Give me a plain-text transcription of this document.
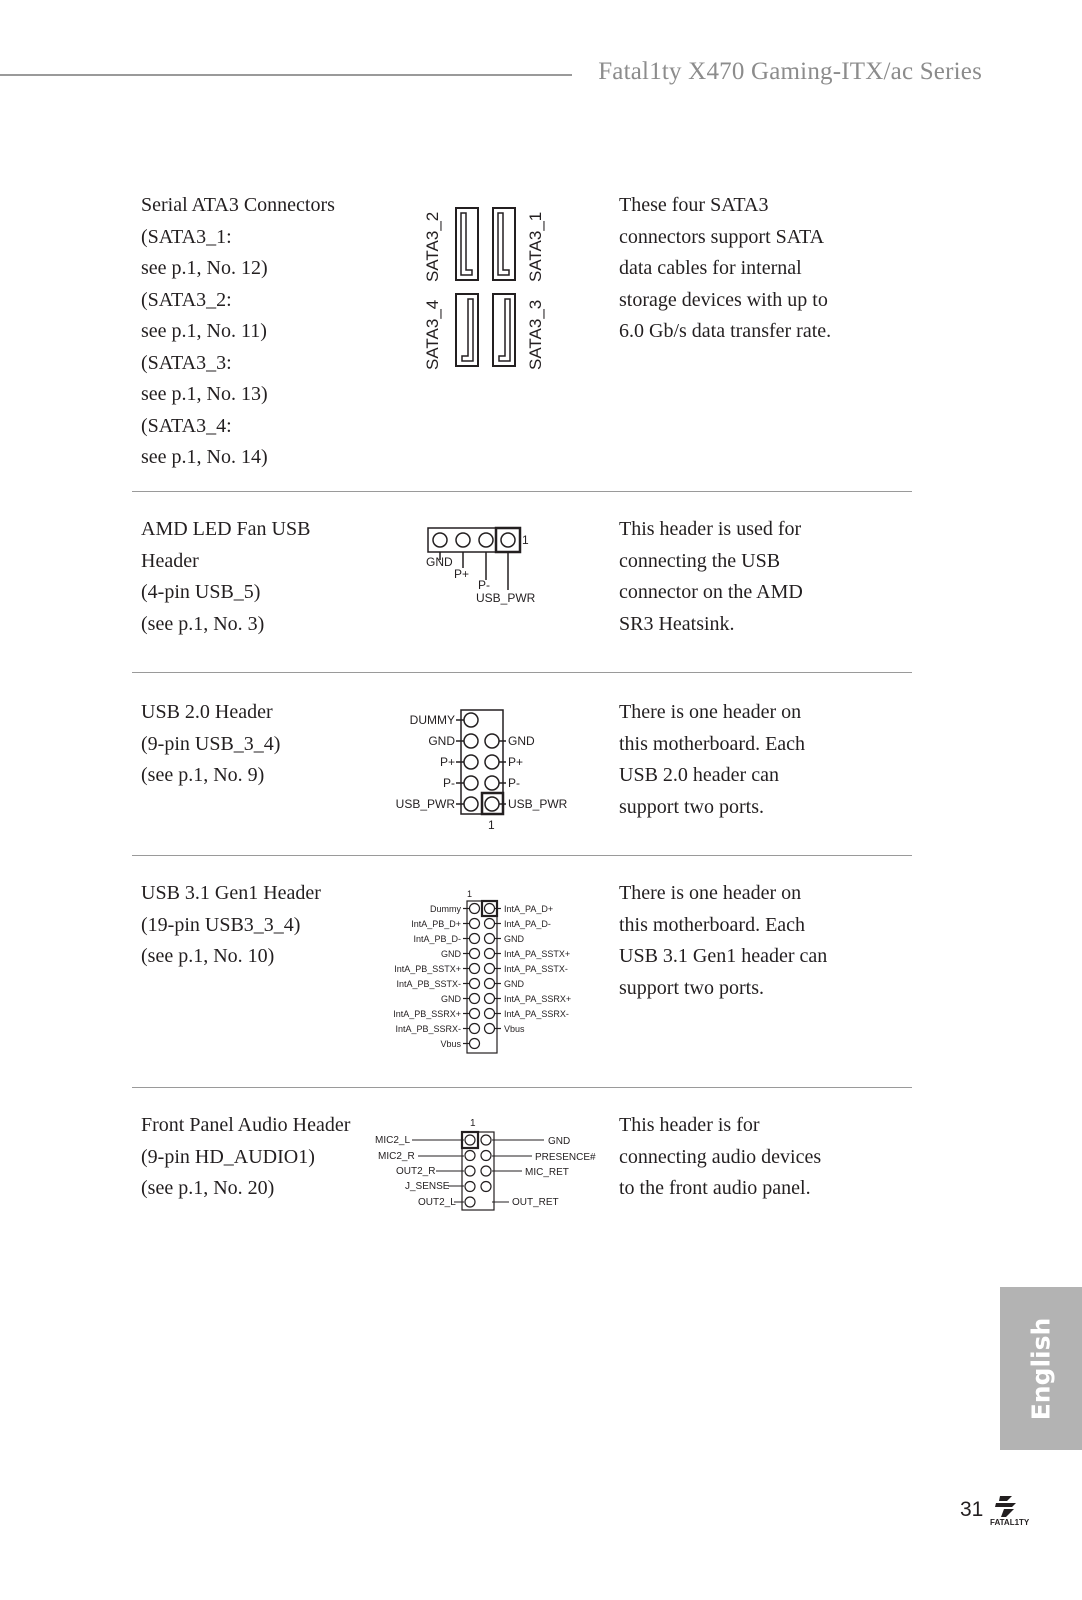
Fatal1ty X470 Gaming-ITX/ac Series
Serial ATA3 Connectors
(SATA3_1:
see p.1, No. 12)
(SATA3_2:
see p.1, No. 11)
(SATA3_3:
see p.1, No. 13)
(SATA3_4:
see p.1, No. 14)
These four SATA3
connectors support SATA
data cables for internal
storage devices with up to
6.0 Gb/s data transfer rate.
SATA3_2	SATA3_1
SATA3_4	SATA3_3
AMD LED Fan USB
Header
(4-pin USB_5)
(see p.1, No. 3)
This header is used for
connecting the USB
connector on the AMD
SR3 Heatsink.
1
GND
P+
P-
USB_PWR
USB 2.0 Header
(9-pin USB_3_4)
(see p.1, No. 9)
There is one header on
this motherboard. Each
USB 2.0 header can
support two ports.
DUMMY
GND
P+
P-
USB_PWR
GND
P+
P-
USB_PWR
1
USB 3.1 Gen1 Header
(19-pin USB3_3_4)
(see p.1, No. 10)
There is one header on
this motherboard. Each
USB 3.1 Gen1 header can
support two ports.
1
Dummy
IntA_PB_D+
IntA_PB_D-
GND
IntA_PB_SSTX+
IntA_PB_SSTX-
GND
IntA_PB_SSRX+
IntA_PB_SSRX-
Vbus
IntA_PA_D+
IntA_PA_D-
GND
IntA_PA_SSTX+
IntA_PA_SSTX-
GND
IntA_PA_SSRX+
IntA_PA_SSRX-
Vbus
Front Panel Audio Header
(9-pin HD_AUDIO1)
(see p.1, No. 20)
This header is for
connecting audio devices
to the front audio panel.
1
MIC2_L
MIC2_R
OUT2_R
J_SENSE
OUT2_L
GND
PRESENCE#
MIC_RET
OUT_RET
English
31
FATAL1TY
